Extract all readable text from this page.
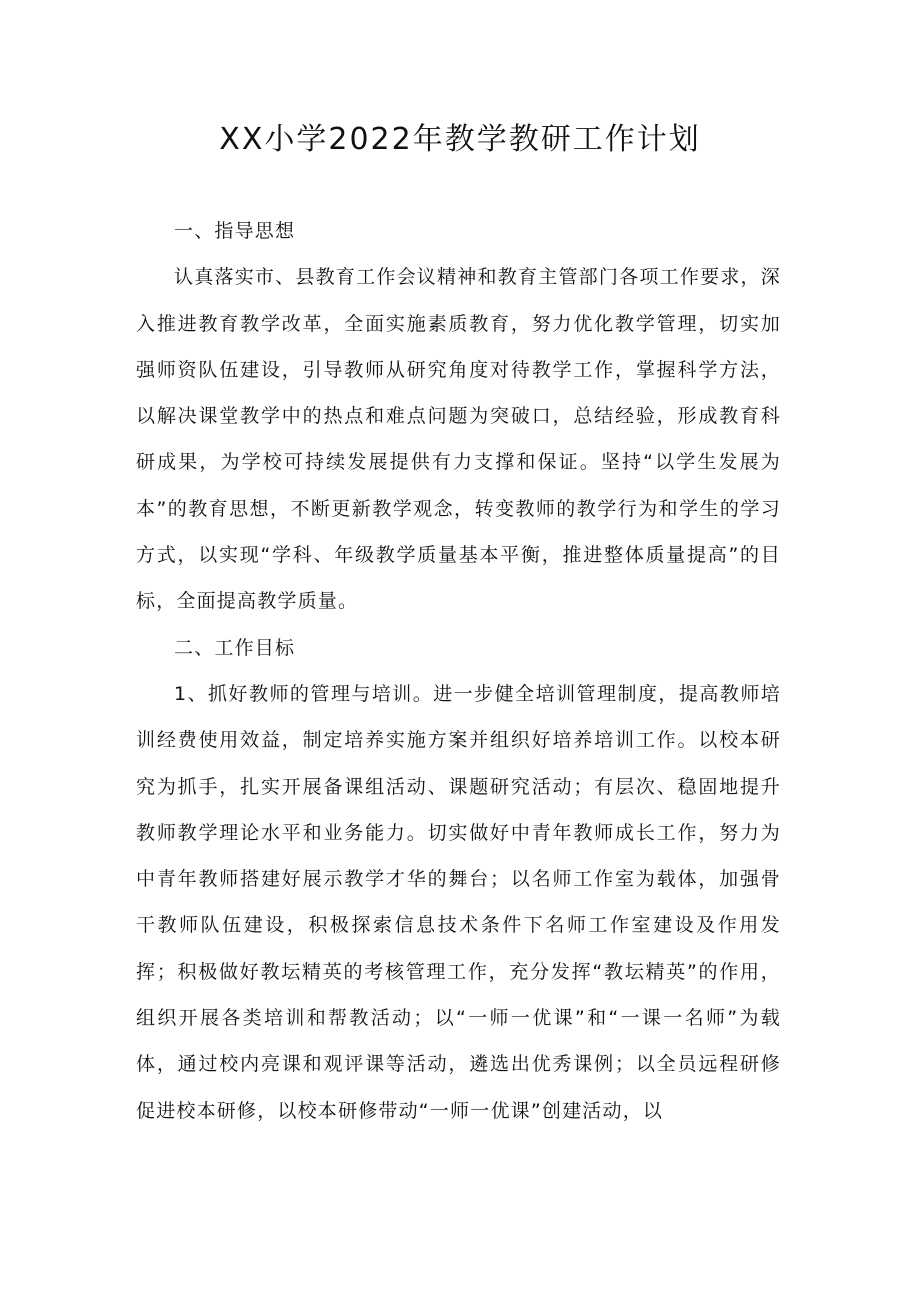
XX小学2022年教学教研工作计划

一、指导思想

认真落实市、县教育工作会议精神和教育主管部门各项工作要求，深入推进教育教学改革，全面实施素质教育，努力优化教学管理，切实加强师资队伍建设，引导教师从研究角度对待教学工作，掌握科学方法，以解决课堂教学中的热点和难点问题为突破口，总结经验，形成教育科研成果，为学校可持续发展提供有力支撑和保证。坚持“以学生发展为本”的教育思想，不断更新教学观念，转变教师的教学行为和学生的学习方式，以实现“学科、年级教学质量基本平衡，推进整体质量提高”的目标，全面提高教学质量。

二、工作目标

1、抓好教师的管理与培训。进一步健全培训管理制度，提高教师培训经费使用效益，制定培养实施方案并组织好培养培训工作。以校本研究为抓手，扎实开展备课组活动、课题研究活动；有层次、稳固地提升教师教学理论水平和业务能力。切实做好中青年教师成长工作，努力为中青年教师搭建好展示教学才华的舞台；以名师工作室为载体，加强骨干教师队伍建设，积极探索信息技术条件下名师工作室建设及作用发挥；积极做好教坛精英的考核管理工作，充分发挥“教坛精英”的作用，组织开展各类培训和帮教活动；以“一师一优课”和“一课一名师”为载体，通过校内亮课和观评课等活动，遴选出优秀课例；以全员远程研修促进校本研修，以校本研修带动“一师一优课”创建活动，以
